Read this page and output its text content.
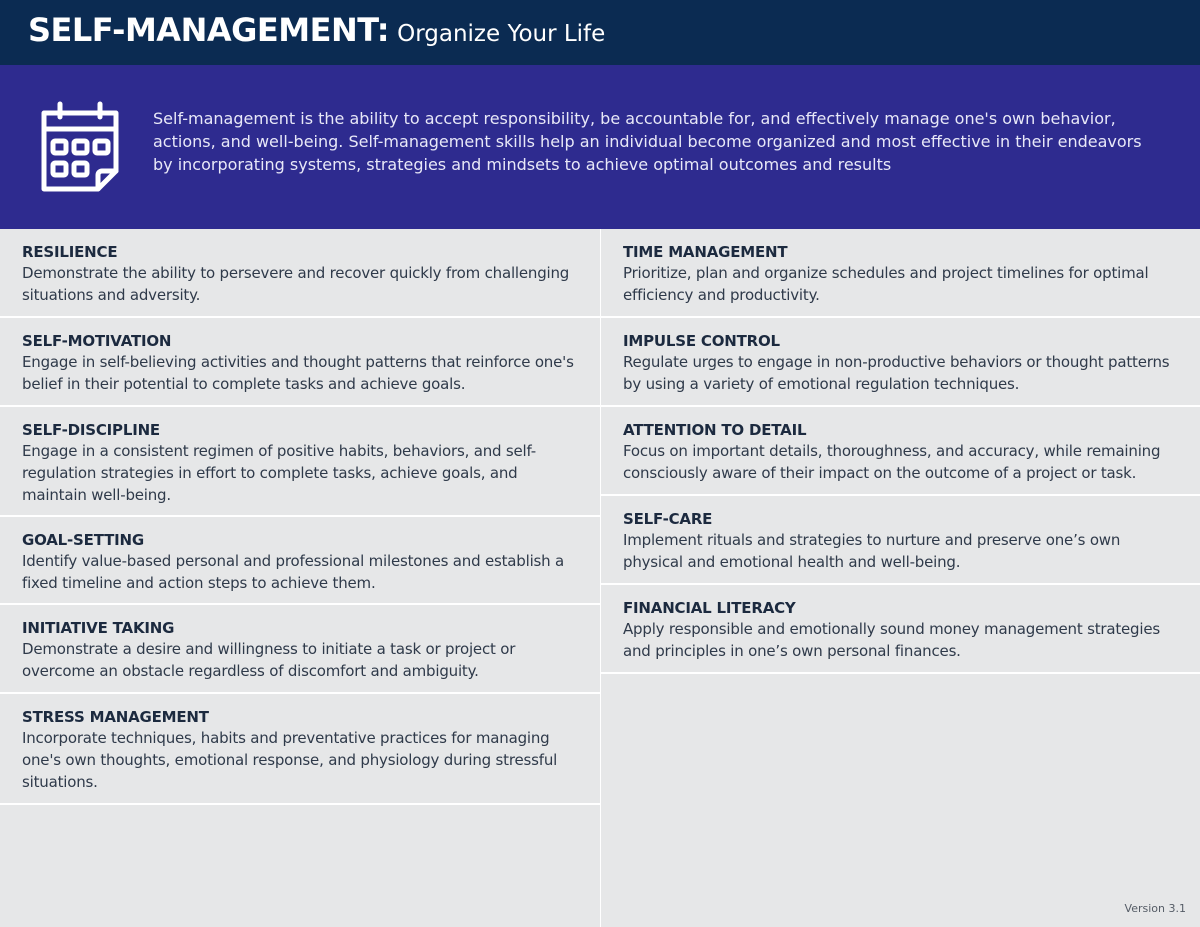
SELF-MANAGEMENT: Organize Your Life
Self-management is the ability to accept responsibility, be accountable for, and effectively manage one's own behavior, actions, and well-being. Self-management skills help an individual become organized and most effective in their endeavors by incorporating systems, strategies and mindsets to achieve optimal outcomes and results
RESILIENCE
Demonstrate the ability to persevere and recover quickly from challenging situations and adversity.
SELF-MOTIVATION
Engage in self-believing activities and thought patterns that reinforce one's belief in their potential to complete tasks and achieve goals.
SELF-DISCIPLINE
Engage in a consistent regimen of positive habits, behaviors, and self-regulation strategies in effort to complete tasks, achieve goals, and maintain well-being.
GOAL-SETTING
Identify value-based personal and professional milestones and establish a fixed timeline and action steps to achieve them.
INITIATIVE TAKING
Demonstrate a desire and willingness to initiate a task or project or overcome an obstacle regardless of discomfort and ambiguity.
STRESS MANAGEMENT
Incorporate techniques, habits and preventative practices for managing one's own thoughts, emotional response, and physiology during stressful situations.
TIME MANAGEMENT
Prioritize, plan and organize schedules and project timelines for optimal efficiency and productivity.
IMPULSE CONTROL
Regulate urges to engage in non-productive behaviors or thought patterns by using a variety of emotional regulation techniques.
ATTENTION TO DETAIL
Focus on important details, thoroughness, and accuracy, while remaining consciously aware of their impact on the outcome of a project or task.
SELF-CARE
Implement rituals and strategies to nurture and preserve one’s own physical and emotional health and well-being.
FINANCIAL LITERACY
Apply responsible and emotionally sound money management strategies and principles in one’s own personal finances.
Version 3.1
